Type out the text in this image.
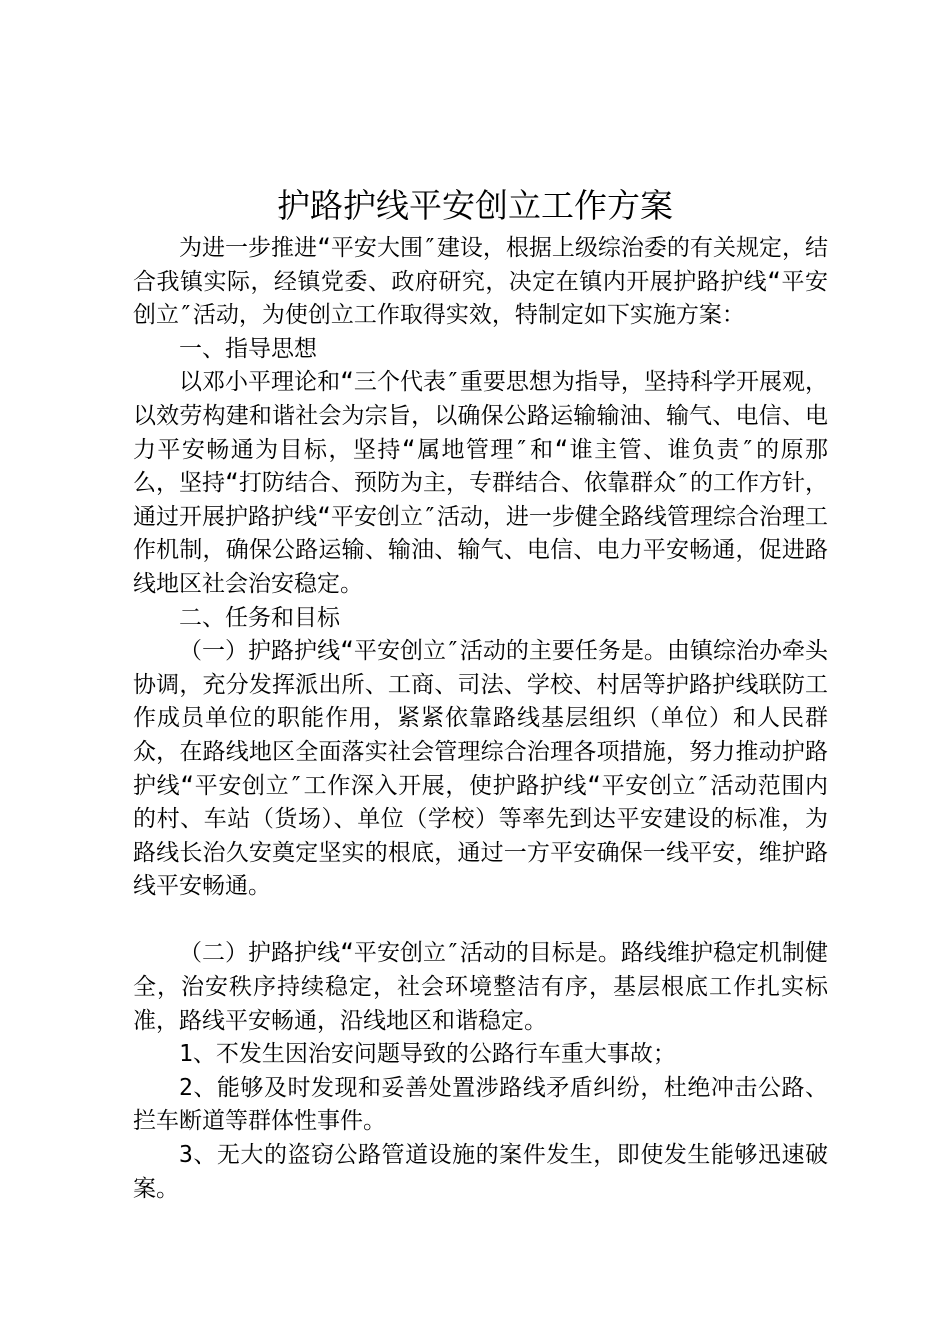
护路护线平安创立工作方案

为进一步推进“平安大围″建设，根据上级综治委的有关规定，结合我镇实际，经镇党委、政府研究，决定在镇内开展护路护线“平安创立″活动，为使创立工作取得实效，特制定如下实施方案：

一、指导思想

以邓小平理论和“三个代表″重要思想为指导，坚持科学开展观，以效劳构建和谐社会为宗旨，以确保公路运输输油、输气、电信、电力平安畅通为目标，坚持“属地管理″和“谁主管、谁负责″的原那么，坚持“打防结合、预防为主，专群结合、依靠群众″的工作方针，通过开展护路护线“平安创立″活动，进一步健全路线管理综合治理工作机制，确保公路运输、输油、输气、电信、电力平安畅通，促进路线地区社会治安稳定。

二、任务和目标

（一）护路护线“平安创立″活动的主要任务是。由镇综治办牵头协调，充分发挥派出所、工商、司法、学校、村居等护路护线联防工作成员单位的职能作用，紧紧依靠路线基层组织（单位）和人民群众，在路线地区全面落实社会管理综合治理各项措施，努力推动护路护线“平安创立″工作深入开展，使护路护线“平安创立″活动范围内的村、车站（货场）、单位（学校）等率先到达平安建设的标准，为路线长治久安奠定坚实的根底，通过一方平安确保一线平安，维护路线平安畅通。

（二）护路护线“平安创立″活动的目标是。路线维护稳定机制健全，治安秩序持续稳定，社会环境整洁有序，基层根底工作扎实标准，路线平安畅通，沿线地区和谐稳定。

1、不发生因治安问题导致的公路行车重大事故；

2、能够及时发现和妥善处置涉路线矛盾纠纷，杜绝冲击公路、拦车断道等群体性事件。

3、无大的盗窃公路管道设施的案件发生，即使发生能够迅速破案。
